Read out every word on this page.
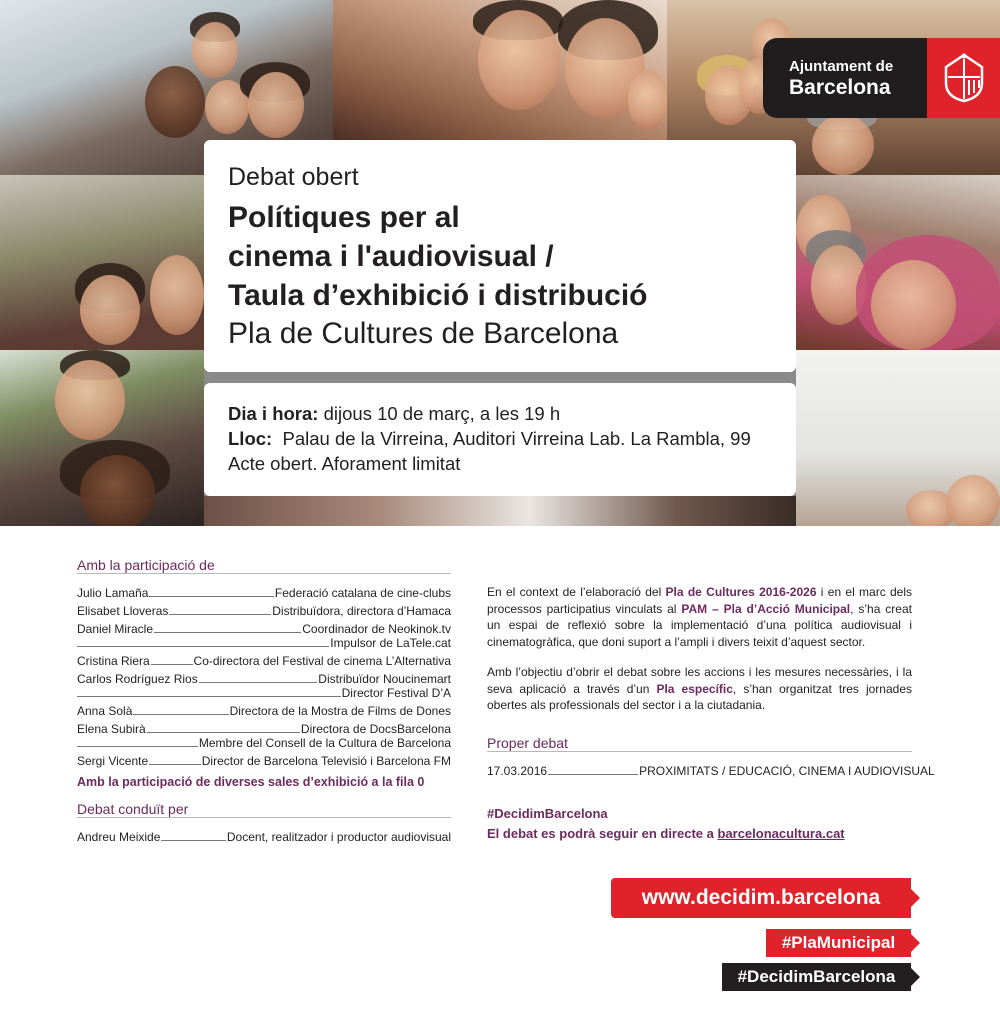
Ajuntament de
Barcelona
Debat obert
Polítiques per al
cinema i l'audiovisual /
Taula d’exhibició i distribució
Pla de Cultures de Barcelona
Dia i hora: dijous 10 de març, a les 19 h
Lloc:  Palau de la Virreina, Auditori Virreina Lab. La Rambla, 99
Acte obert. Aforament limitat
Amb la participació de
Julio Lamaña	Federació catalana de cine-clubs
Elisabet Lloveras	Distribuïdora, directora d’Hamaca
Daniel Miracle	Coordinador de Neokinok.tv
Impulsor de LaTele.cat
Cristina Riera	Co-directora del Festival de cinema L’Alternativa
Carlos Rodríguez Rios	Distribuïdor Noucinemart
Director Festival D’A
Anna Solà	Directora de la Mostra de Films de Dones
Elena Subirà	Directora de DocsBarcelona
Membre del Consell de la Cultura de Barcelona
Sergi Vicente	Director de Barcelona Televisió i Barcelona FM
Amb la participació de diverses sales d’exhibició a la fila 0
Debat conduït per
Andreu Meixide	Docent, realitzador i productor audiovisual

En el context de l’elaboració del Pla de Cultures 2016-2026 i en el marc dels processos participatius vinculats al PAM – Pla d’Acció Municipal, s’ha creat un espai de reflexió sobre la implementació d’una política audiovisual i cinematogràfica, que doni suport a l’ampli i divers teixit d’aquest sector.

Amb l’objectiu d’obrir el debat sobre les accions i les mesures necessàries, i la seva aplicació a través d’un Pla específic, s’han organitzat tres jornades obertes als professionals del sector i a la ciutadania.

Proper debat
17.03.2016	PROXIMITATS / EDUCACIÓ, CINEMA I AUDIOVISUAL
#DecidimBarcelona
El debat es podrà seguir en directe a barcelonacultura.cat
www.decidim.barcelona
#PlaMunicipal
#DecidimBarcelona
